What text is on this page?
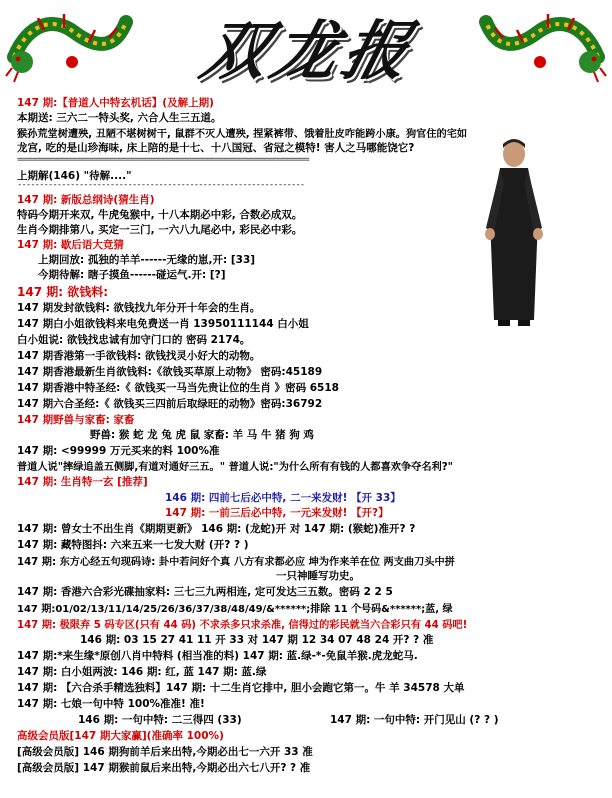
双龙报
147 期:【普道人中特玄机话】(及解上期)
本期送: 三六二一特头奖, 六合人生三五道。
猴孙荒堂树遭殃, 丑陋不堪树树干, 鼠群不灭人遭殃, 捏紧裤带、饿着肚皮咋能跨小康。狗官住的宅如
龙宫, 吃的是山珍海味, 床上陪的是十七、十八国冠、省冠之模特! 害人之马哪能饶它?
==================================================================
上期解(146) "待解...."
-----------------------------------------------------------------
147 期: 新版总纲诗(猜生肖)
特码今期开来双, 牛虎兔猴中, 十八本期必中彩, 合数必成双。
生肖今期排第八, 买定一三门, 一六八九尾必中, 彩民必中彩。
147 期: 歇后语大竞猜
上期回放: 孤独的羊羊------无缘的崽,开: [33]
今期待解: 瞎子摸鱼------碰运气.开: [?]
147 期: 欲钱料:
147 期发封欲钱料: 欲钱找九年分开十年会的生肖。
147 期白小姐欲钱料来电免费送一肖 13950111144 白小姐
白小姐说: 欲钱找忠诚有加守门口的 密码 2174。
147 期香港第一手欲钱料: 欲钱找灵小好大的动物。
147 期香港最新生肖欲钱料:《欲钱买草原上动物》 密码:45189
147 期香港中特圣经:《 欲钱买一马当先贵让位的生肖 》密码 6518
147 期六合圣经:《 欲钱买三四前后取绿旺的动物》密码:36792
147 期野兽与家畜: 家畜
野兽: 猴 蛇 龙 兔 虎 鼠 家畜: 羊 马 牛 猪 狗 鸡
147 期: <99999 万元买来的料 100%准
普道人说"摔绿追盖五侧脚,有道对通好三五。" 普道人说:"为什么所有有钱的人都喜欢争夺名利?"
147 期: 生肖特一玄 [推荐]
146 期: 四前七后必中特, 二一来发财! 【开 33】
147 期: 一前三后必中特, 一元来发财! 【开?】
147 期: 曾女士不出生肖《期期更新》 146 期: (龙蛇)开 对 147 期: (猴蛇)准开? ?
147 期: 藏特图抖: 六来五来一七发大财 (开? ? )
147 期: 东方心经五句现码诗: 卦中若问好个真 八方有求都必应 坤为作来羊在位 两支曲刀头中拼
一只神睡写功史。
147 期: 香港六合彩光碟抽家料: 三七三九两相连, 定可发达三五数。密码 2 2 5
147 期:01/02/13/11/14/25/26/36/37/38/48/49/&******;排除 11 个号码&******;蓝, 绿
147 期: 极限弃 5 码专区(只有 44 码) 不求杀多只求杀准, 信得过的彩民就当六合彩只有 44 码吧!
146 期: 03 15 27 41 11 开 33 对 147 期 12 34 07 48 24 开? ? 准
147 期:*来生缘*原创八肖中特料 (相当准的料) 147 期: 蓝.绿-*-免鼠羊猴.虎龙蛇马.
147 期: 白小姐两波: 146 期: 红, 蓝 147 期: 蓝.绿
147 期: 【六合杀手精选独料】147 期: 十二生肖它排中, 胆小会跑它第一。牛 羊 34578 大单
147 期: 七娘一句中特 100%准准! 准!
146 期: 一句中特: 二三得四 (33)	147 期: 一句中特: 开门见山 (? ? )
高级会员版[147 期大家赢](准确率 100%)
[高级会员版] 146 期狗前羊后来出特,今期必出七一六开 33 准
[高级会员版] 147 期猴前鼠后来出特,今期必出六七八开? ? 准
